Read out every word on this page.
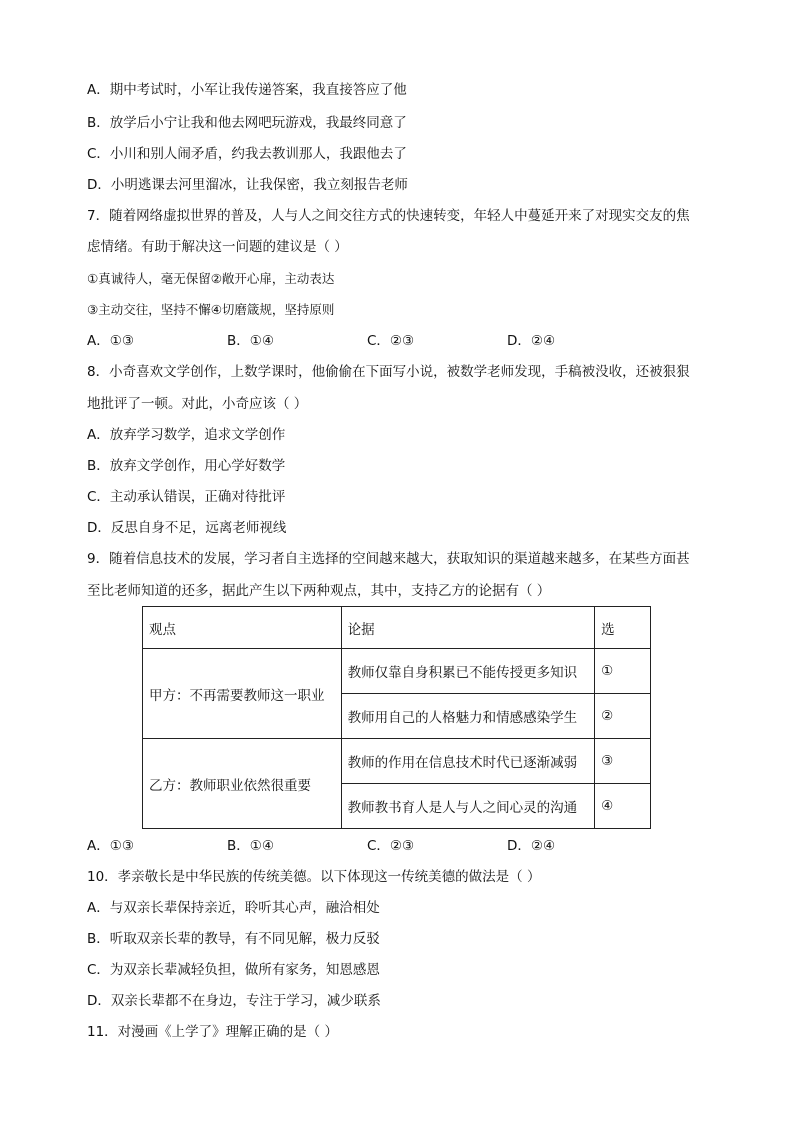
A．期中考试时，小军让我传递答案，我直接答应了他
B．放学后小宁让我和他去网吧玩游戏，我最终同意了
C．小川和别人闹矛盾，约我去教训那人，我跟他去了
D．小明逃课去河里溜冰，让我保密，我立刻报告老师
7．随着网络虚拟世界的普及，人与人之间交往方式的快速转变，年轻人中蔓延开来了对现实交友的焦
虑情绪。有助于解决这一问题的建议是（ ）
①真诚待人，毫无保留②敞开心扉，主动表达
③主动交往，坚持不懈④切磨箴规，坚持原则
A．①③	B．①④	C．②③	D．②④
8．小奇喜欢文学创作，上数学课时，他偷偷在下面写小说，被数学老师发现，手稿被没收，还被狠狠
地批评了一顿。对此，小奇应该（ ）
A．放弃学习数学，追求文学创作
B．放弃文学创作，用心学好数学
C．主动承认错误，正确对待批评
D．反思自身不足，远离老师视线
9．随着信息技术的发展，学习者自主选择的空间越来越大，获取知识的渠道越来越多，在某些方面甚
至比老师知道的还多，据此产生以下两种观点，其中，支持乙方的论据有（ ）
观点	论据	选
甲方：不再需要教师这一职业	教师仅靠自身积累已不能传授更多知识	①
	教师用自己的人格魅力和情感感染学生	②
乙方：教师职业依然很重要	教师的作用在信息技术时代已逐渐减弱	③
	教师教书育人是人与人之间心灵的沟通	④
A．①③	B．①④	C．②③	D．②④
10．孝亲敬长是中华民族的传统美德。以下体现这一传统美德的做法是（ ）
A．与双亲长辈保持亲近，聆听其心声，融洽相处
B．听取双亲长辈的教导，有不同见解，极力反驳
C．为双亲长辈减轻负担，做所有家务，知恩感恩
D．双亲长辈都不在身边，专注于学习，减少联系
11．对漫画《上学了》理解正确的是（ ）
